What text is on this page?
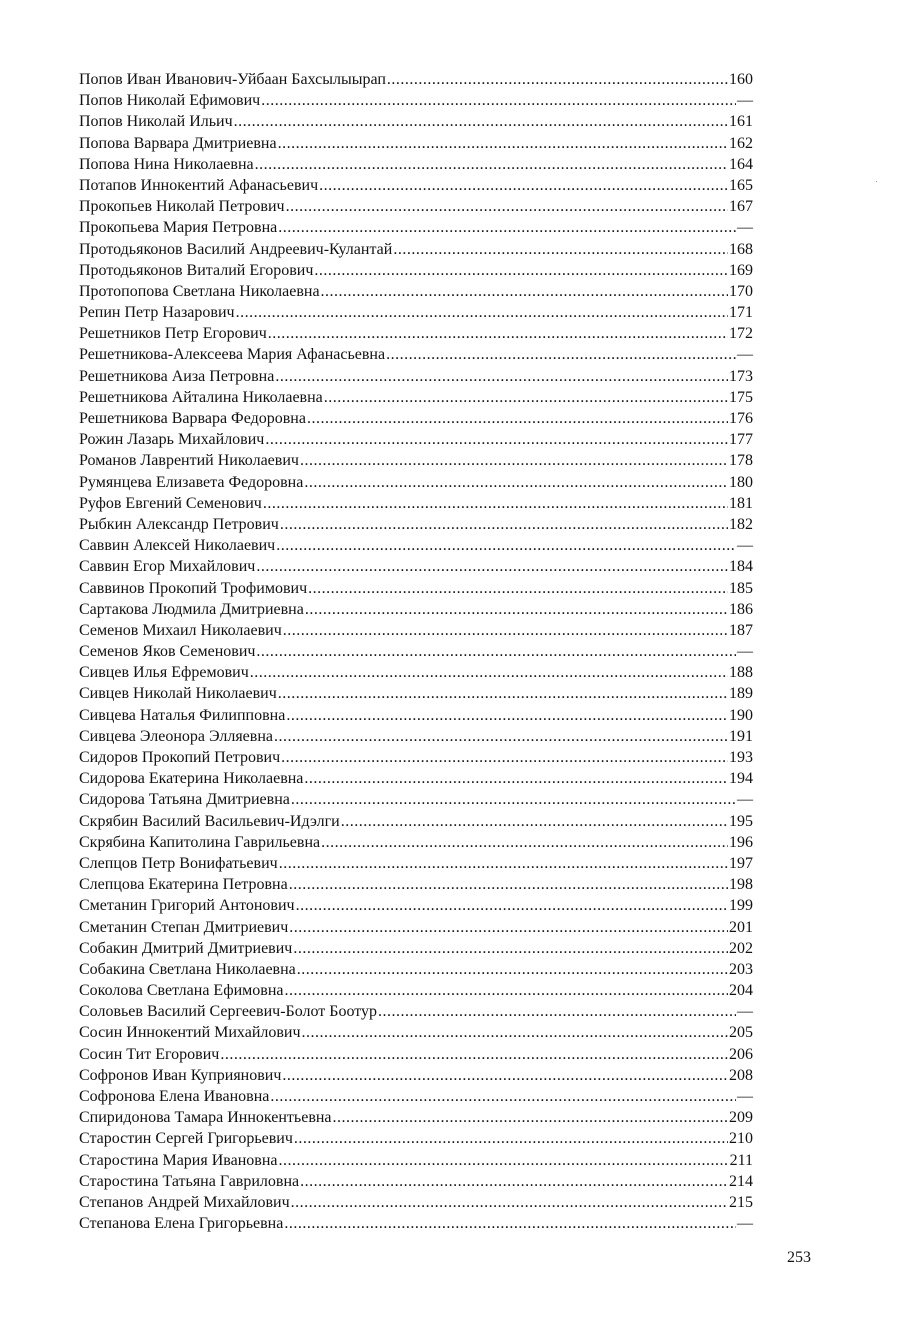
Попов Иван Иванович-Уйбаан Бахсылыырап .....	160
Попов Николай Ефимович .....	—
Попов Николай Ильич .....	161
Попова Варвара Дмитриевна .....	162
Попова Нина Николаевна .....	164
Потапов Иннокентий Афанасьевич .....	165
Прокопьев Николай Петрович .....	167
Прокопьева Мария Петровна .....	—
Протодьяконов Василий Андреевич-Кулантай .....	168
Протодьяконов Виталий Егорович .....	169
Протопопова Светлана Николаевна .....	170
Репин Петр Назарович .....	171
Решетников Петр Егорович .....	172
Решетникова-Алексеева Мария Афанасьевна .....	—
Решетникова Аиза Петровна .....	173
Решетникова Айталина Николаевна .....	175
Решетникова Варвара Федоровна .....	176
Рожин Лазарь Михайлович .....	177
Романов Лаврентий Николаевич .....	178
Румянцева Елизавета Федоровна .....	180
Руфов Евгений Семенович .....	181
Рыбкин Александр Петрович .....	182
Саввин Алексей Николаевич .....	—
Саввин Егор Михайлович .....	184
Саввинов Прокопий Трофимович .....	185
Сартакова Людмила Дмитриевна .....	186
Семенов Михаил Николаевич .....	187
Семенов Яков Семенович .....	—
Сивцев Илья Ефремович .....	188
Сивцев Николай Николаевич .....	189
Сивцева Наталья Филипповна .....	190
Сивцева Элеонора Элляевна .....	191
Сидоров Прокопий Петрович .....	193
Сидорова Екатерина Николаевна .....	194
Сидорова Татьяна Дмитриевна .....	—
Скрябин Василий Васильевич-Идэлги .....	195
Скрябина Капитолина Гаврильевна .....	196
Слепцов Петр Вонифатьевич .....	197
Слепцова Екатерина Петровна .....	198
Сметанин Григорий Антонович .....	199
Сметанин Степан Дмитриевич .....	201
Собакин Дмитрий Дмитриевич .....	202
Собакина Светлана Николаевна .....	203
Соколова Светлана Ефимовна .....	204
Соловьев Василий Сергеевич-Болот Боотур .....	—
Сосин Иннокентий Михайлович .....	205
Сосин Тит Егорович .....	206
Софронов Иван Куприянович .....	208
Софронова Елена Ивановна .....	—
Спиридонова Тамара Иннокентьевна .....	209
Старостин Сергей Григорьевич .....	210
Старостина Мария Ивановна .....	211
Старостина Татьяна Гавриловна .....	214
Степанов Андрей Михайлович .....	215
Степанова Елена Григорьевна .....	—
253
